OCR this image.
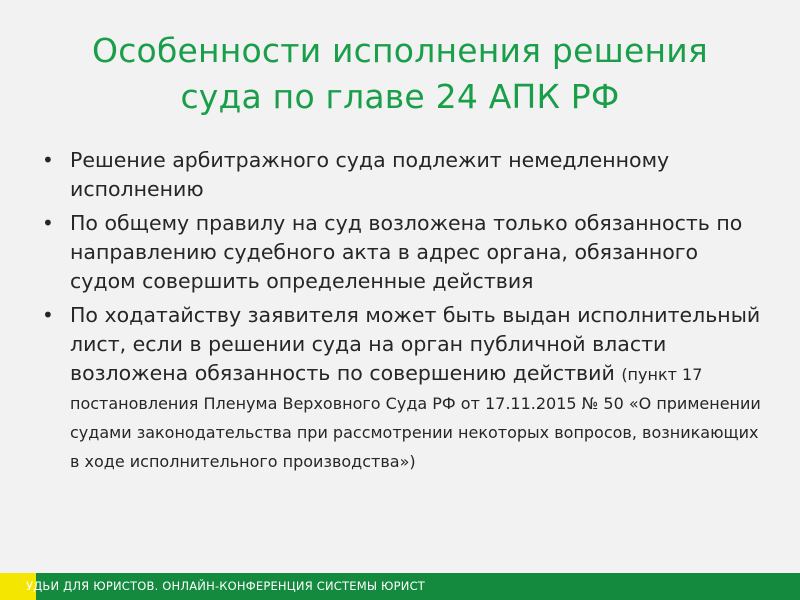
Особенности исполнения решения
суда по главе 24 АПК РФ
• Решение арбитражного суда подлежит немедленному исполнению
• По общему правилу на суд возложена только обязанность по направлению судебного акта в адрес органа, обязанного судом совершить определенные действия
• По ходатайству заявителя может быть выдан исполнительный лист, если в решении суда на орган публичной власти возложена обязанность по совершению действий (пункт 17 постановления Пленума Верховного Суда РФ от 17.11.2015 № 50 «О применении судами законодательства при рассмотрении некоторых вопросов, возникающих в ходе исполнительного производства»)
УДЬИ ДЛЯ ЮРИСТОВ. ОНЛАЙН-КОНФЕРЕНЦИЯ СИСТЕМЫ ЮРИСТ
